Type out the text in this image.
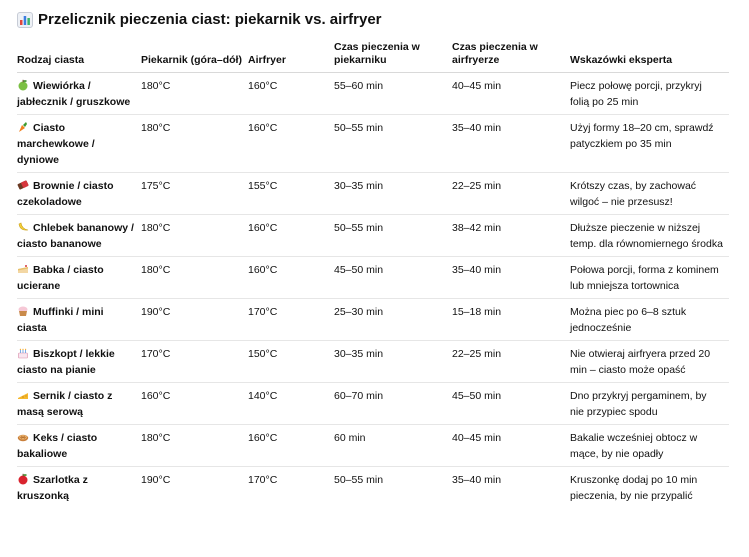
Przelicznik pieczenia ciast: piekarnik vs. airfryer
Rodzaj ciasta	Piekarnik (góra–dół)	Airfryer	Czas pieczenia w piekarniku	Czas pieczenia w airfryerze	Wskazówki eksperta
Wiewiórka / jabłecznik / gruszkowe	180°C	160°C	55–60 min	40–45 min	Piecz połowę porcji, przykryj folią po 25 min
Ciasto marchewkowe / dyniowe	180°C	160°C	50–55 min	35–40 min	Użyj formy 18–20 cm, sprawdź patyczkiem po 35 min
Brownie / ciasto czekoladowe	175°C	155°C	30–35 min	22–25 min	Krótszy czas, by zachować wilgoć – nie przesusz!
Chlebek bananowy / ciasto bananowe	180°C	160°C	50–55 min	38–42 min	Dłuższe pieczenie w niższej temp. dla równomiernego środka
Babka / ciasto ucierane	180°C	160°C	45–50 min	35–40 min	Połowa porcji, forma z kominem lub mniejsza tortownica
Muffinki / mini ciasta	190°C	170°C	25–30 min	15–18 min	Można piec po 6–8 sztuk jednocześnie
Biszkopt / lekkie ciasto na pianie	170°C	150°C	30–35 min	22–25 min	Nie otwieraj airfryera przed 20 min – ciasto może opaść
Sernik / ciasto z masą serową	160°C	140°C	60–70 min	45–50 min	Dno przykryj pergaminem, by nie przypiec spodu
Keks / ciasto bakaliowe	180°C	160°C	60 min	40–45 min	Bakalie wcześniej obtocz w mące, by nie opadły
Szarlotka z kruszonką	190°C	170°C	50–55 min	35–40 min	Kruszonkę dodaj po 10 min pieczenia, by nie przypalić
